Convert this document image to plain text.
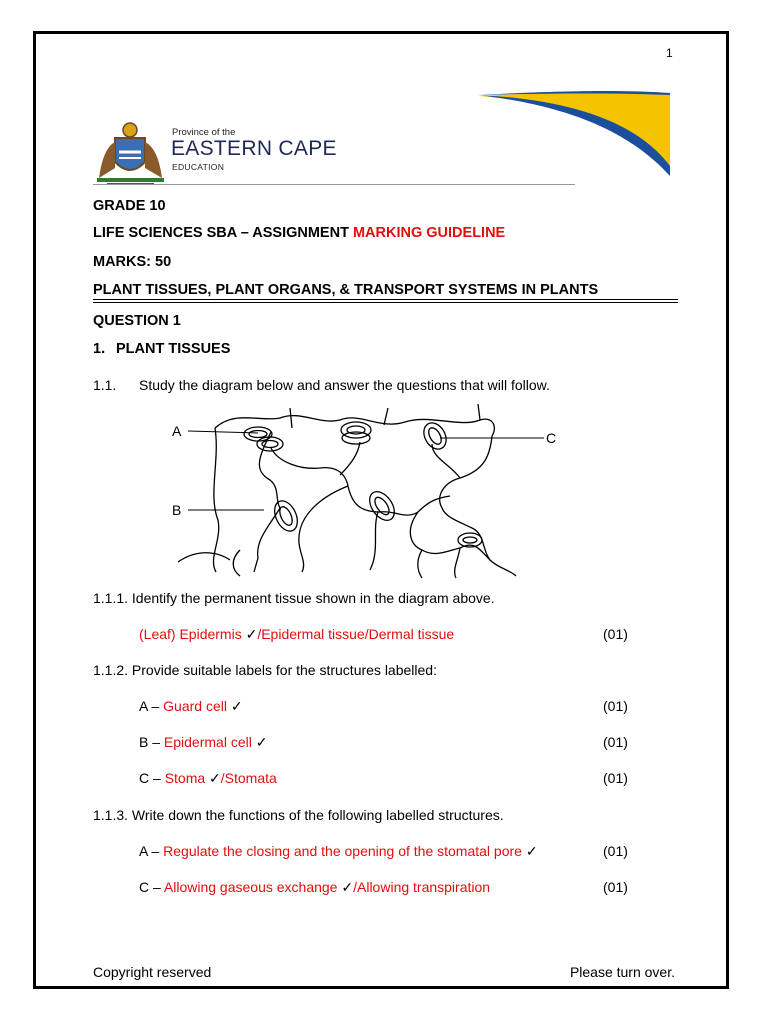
1
Province of the
EASTERN CAPE
EDUCATION
GRADE 10
LIFE SCIENCES SBA – ASSIGNMENT MARKING GUIDELINE
MARKS: 50
PLANT TISSUES, PLANT ORGANS, & TRANSPORT SYSTEMS IN PLANTS
QUESTION 1
1. PLANT TISSUES
1.1. Study the diagram below and answer the questions that will follow.
A
B
C
1.1.1. Identify the permanent tissue shown in the diagram above.
(Leaf) Epidermis ✓/Epidermal tissue/Dermal tissue	(01)
1.1.2. Provide suitable labels for the structures labelled:
A – Guard cell ✓	(01)
B – Epidermal cell ✓	(01)
C – Stoma ✓/Stomata	(01)
1.1.3. Write down the functions of the following labelled structures.
A – Regulate the closing and the opening of the stomatal pore ✓	(01)
C – Allowing gaseous exchange ✓/Allowing transpiration	(01)
Copyright reserved	Please turn over.
